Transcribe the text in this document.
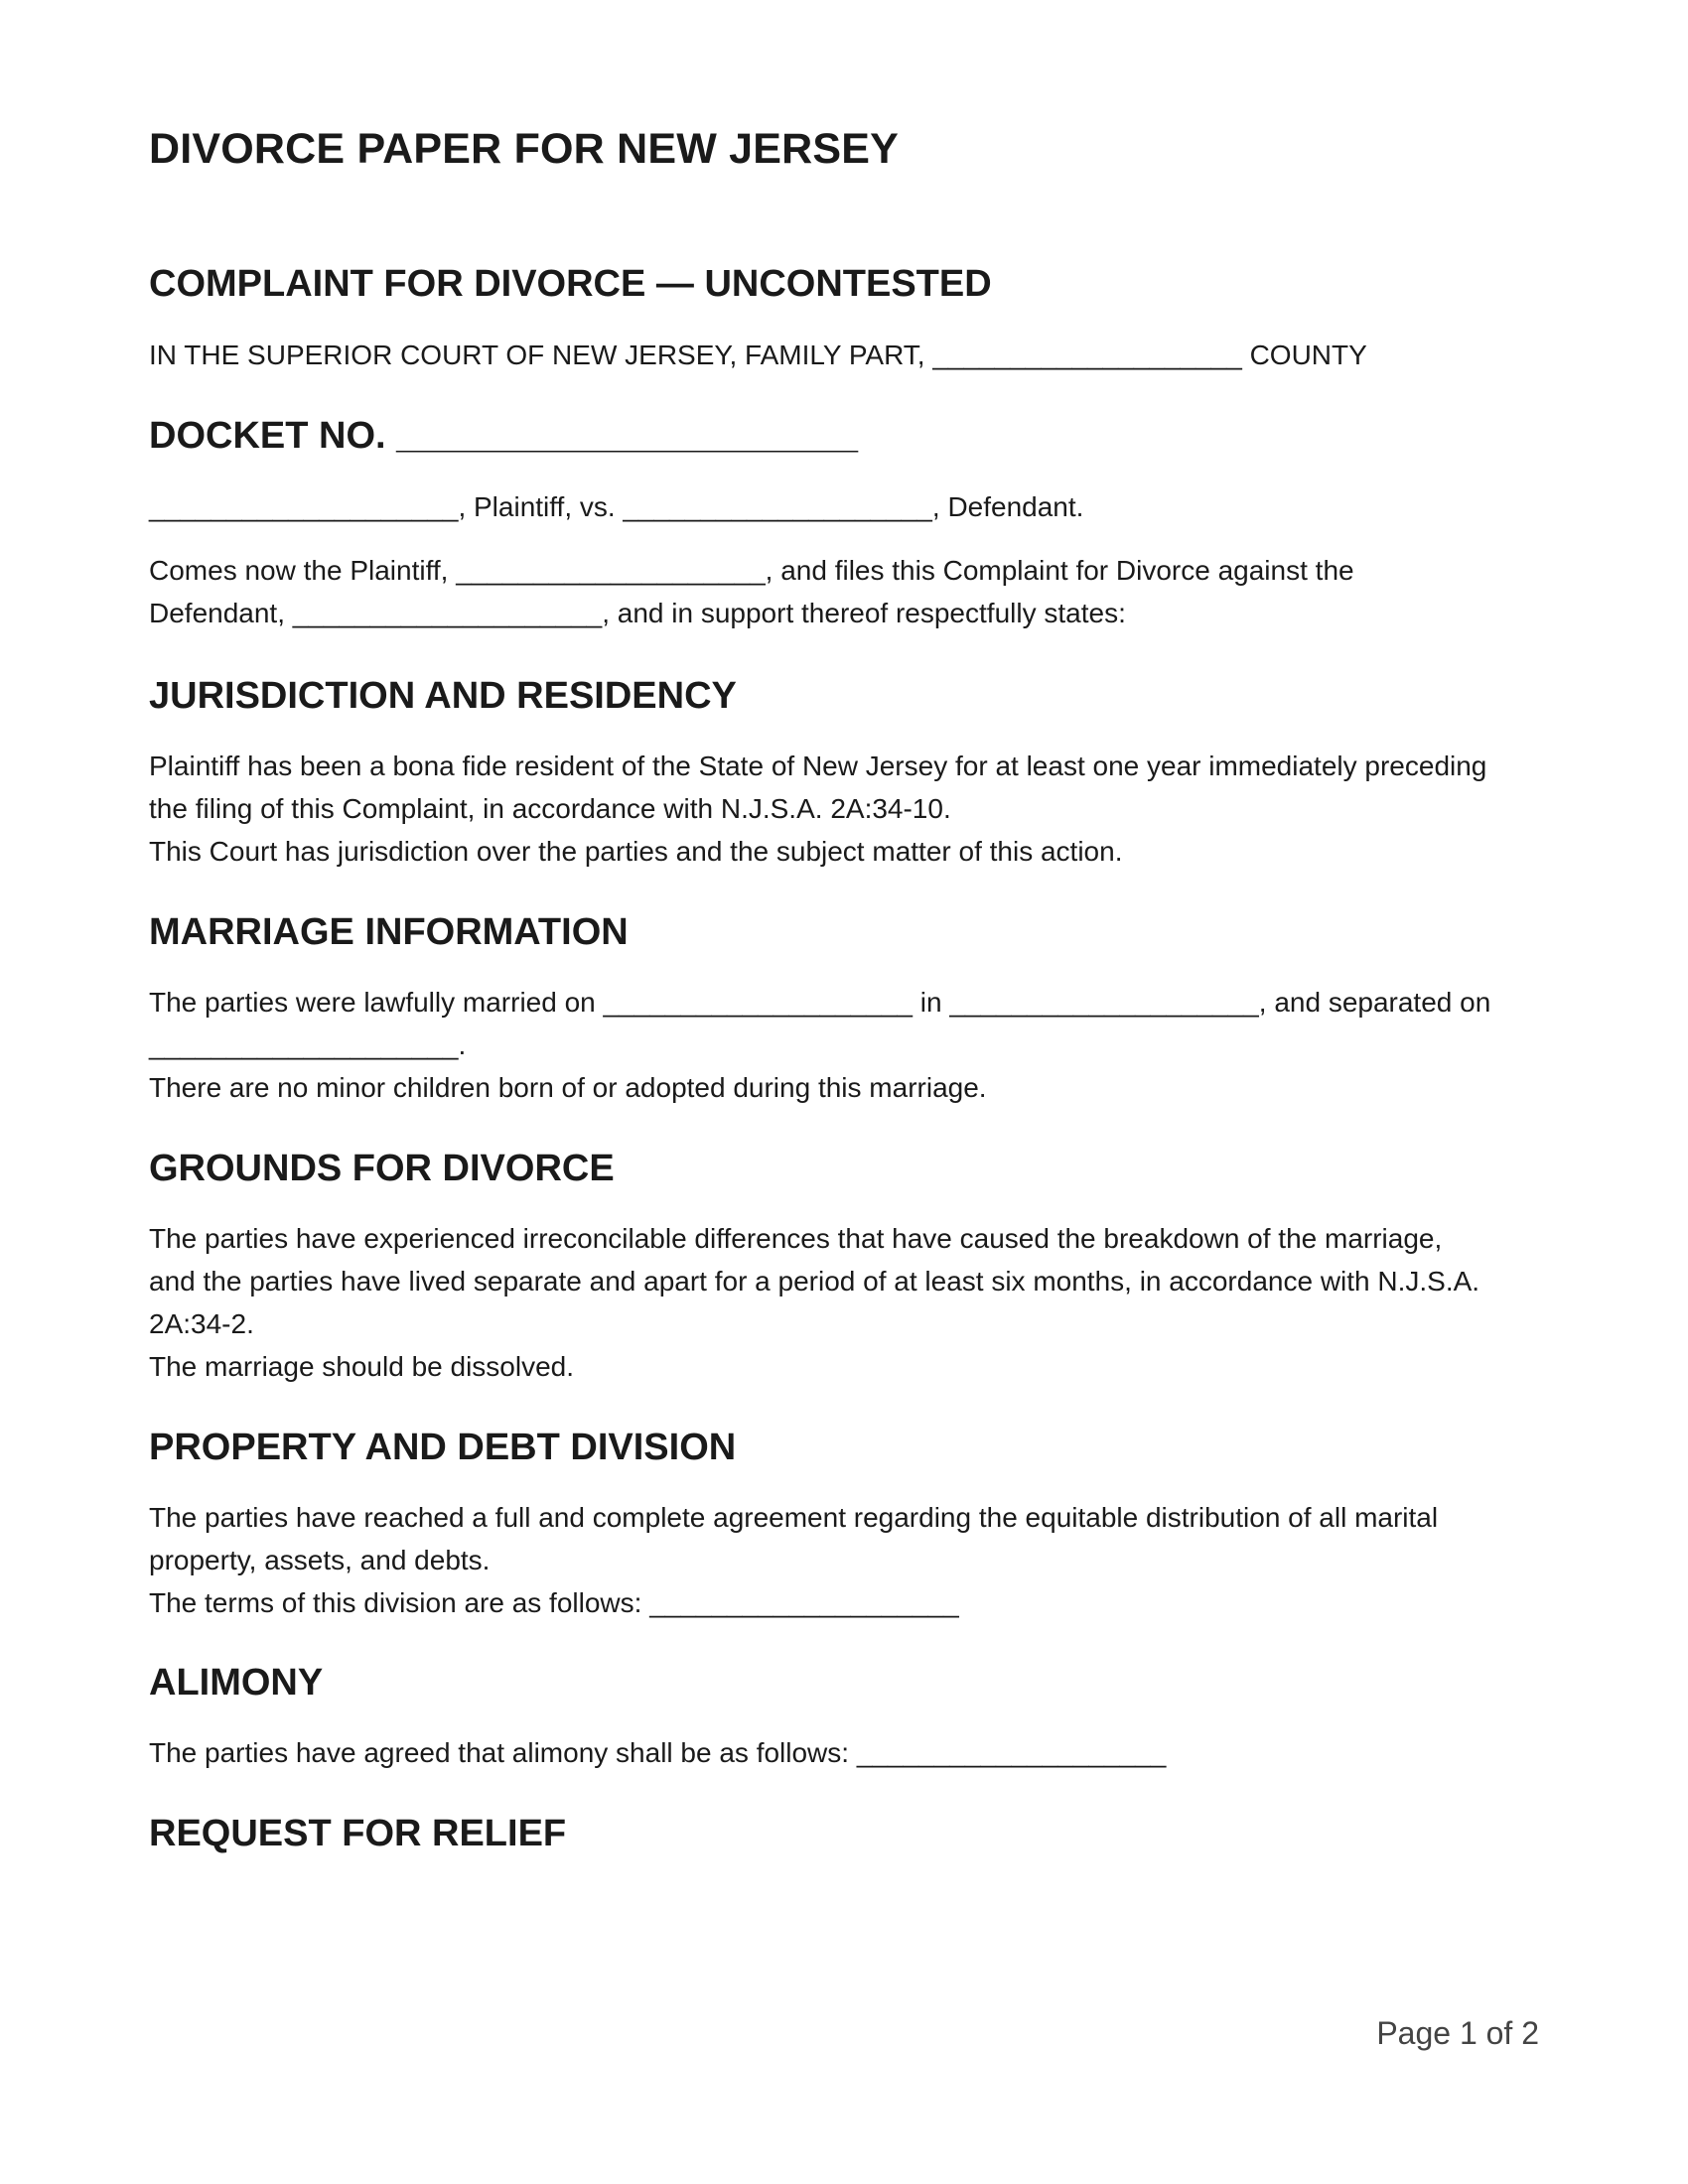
DIVORCE PAPER FOR NEW JERSEY
COMPLAINT FOR DIVORCE — UNCONTESTED

IN THE SUPERIOR COURT OF NEW JERSEY, FAMILY PART, ____________________ COUNTY

DOCKET NO. ______________________

____________________, Plaintiff, vs. ____________________, Defendant.

Comes now the Plaintiff, ____________________, and files this Complaint for Divorce against the
Defendant, ____________________, and in support thereof respectfully states:

JURISDICTION AND RESIDENCY

Plaintiff has been a bona fide resident of the State of New Jersey for at least one year immediately preceding
the filing of this Complaint, in accordance with N.J.S.A. 2A:34-10.
This Court has jurisdiction over the parties and the subject matter of this action.

MARRIAGE INFORMATION

The parties were lawfully married on ____________________ in ____________________, and separated on
____________________.
There are no minor children born of or adopted during this marriage.

GROUNDS FOR DIVORCE

The parties have experienced irreconcilable differences that have caused the breakdown of the marriage,
and the parties have lived separate and apart for a period of at least six months, in accordance with N.J.S.A.
2A:34-2.
The marriage should be dissolved.

PROPERTY AND DEBT DIVISION

The parties have reached a full and complete agreement regarding the equitable distribution of all marital
property, assets, and debts.
The terms of this division are as follows: ____________________

ALIMONY

The parties have agreed that alimony shall be as follows: ____________________

REQUEST FOR RELIEF
Page 1 of 2
